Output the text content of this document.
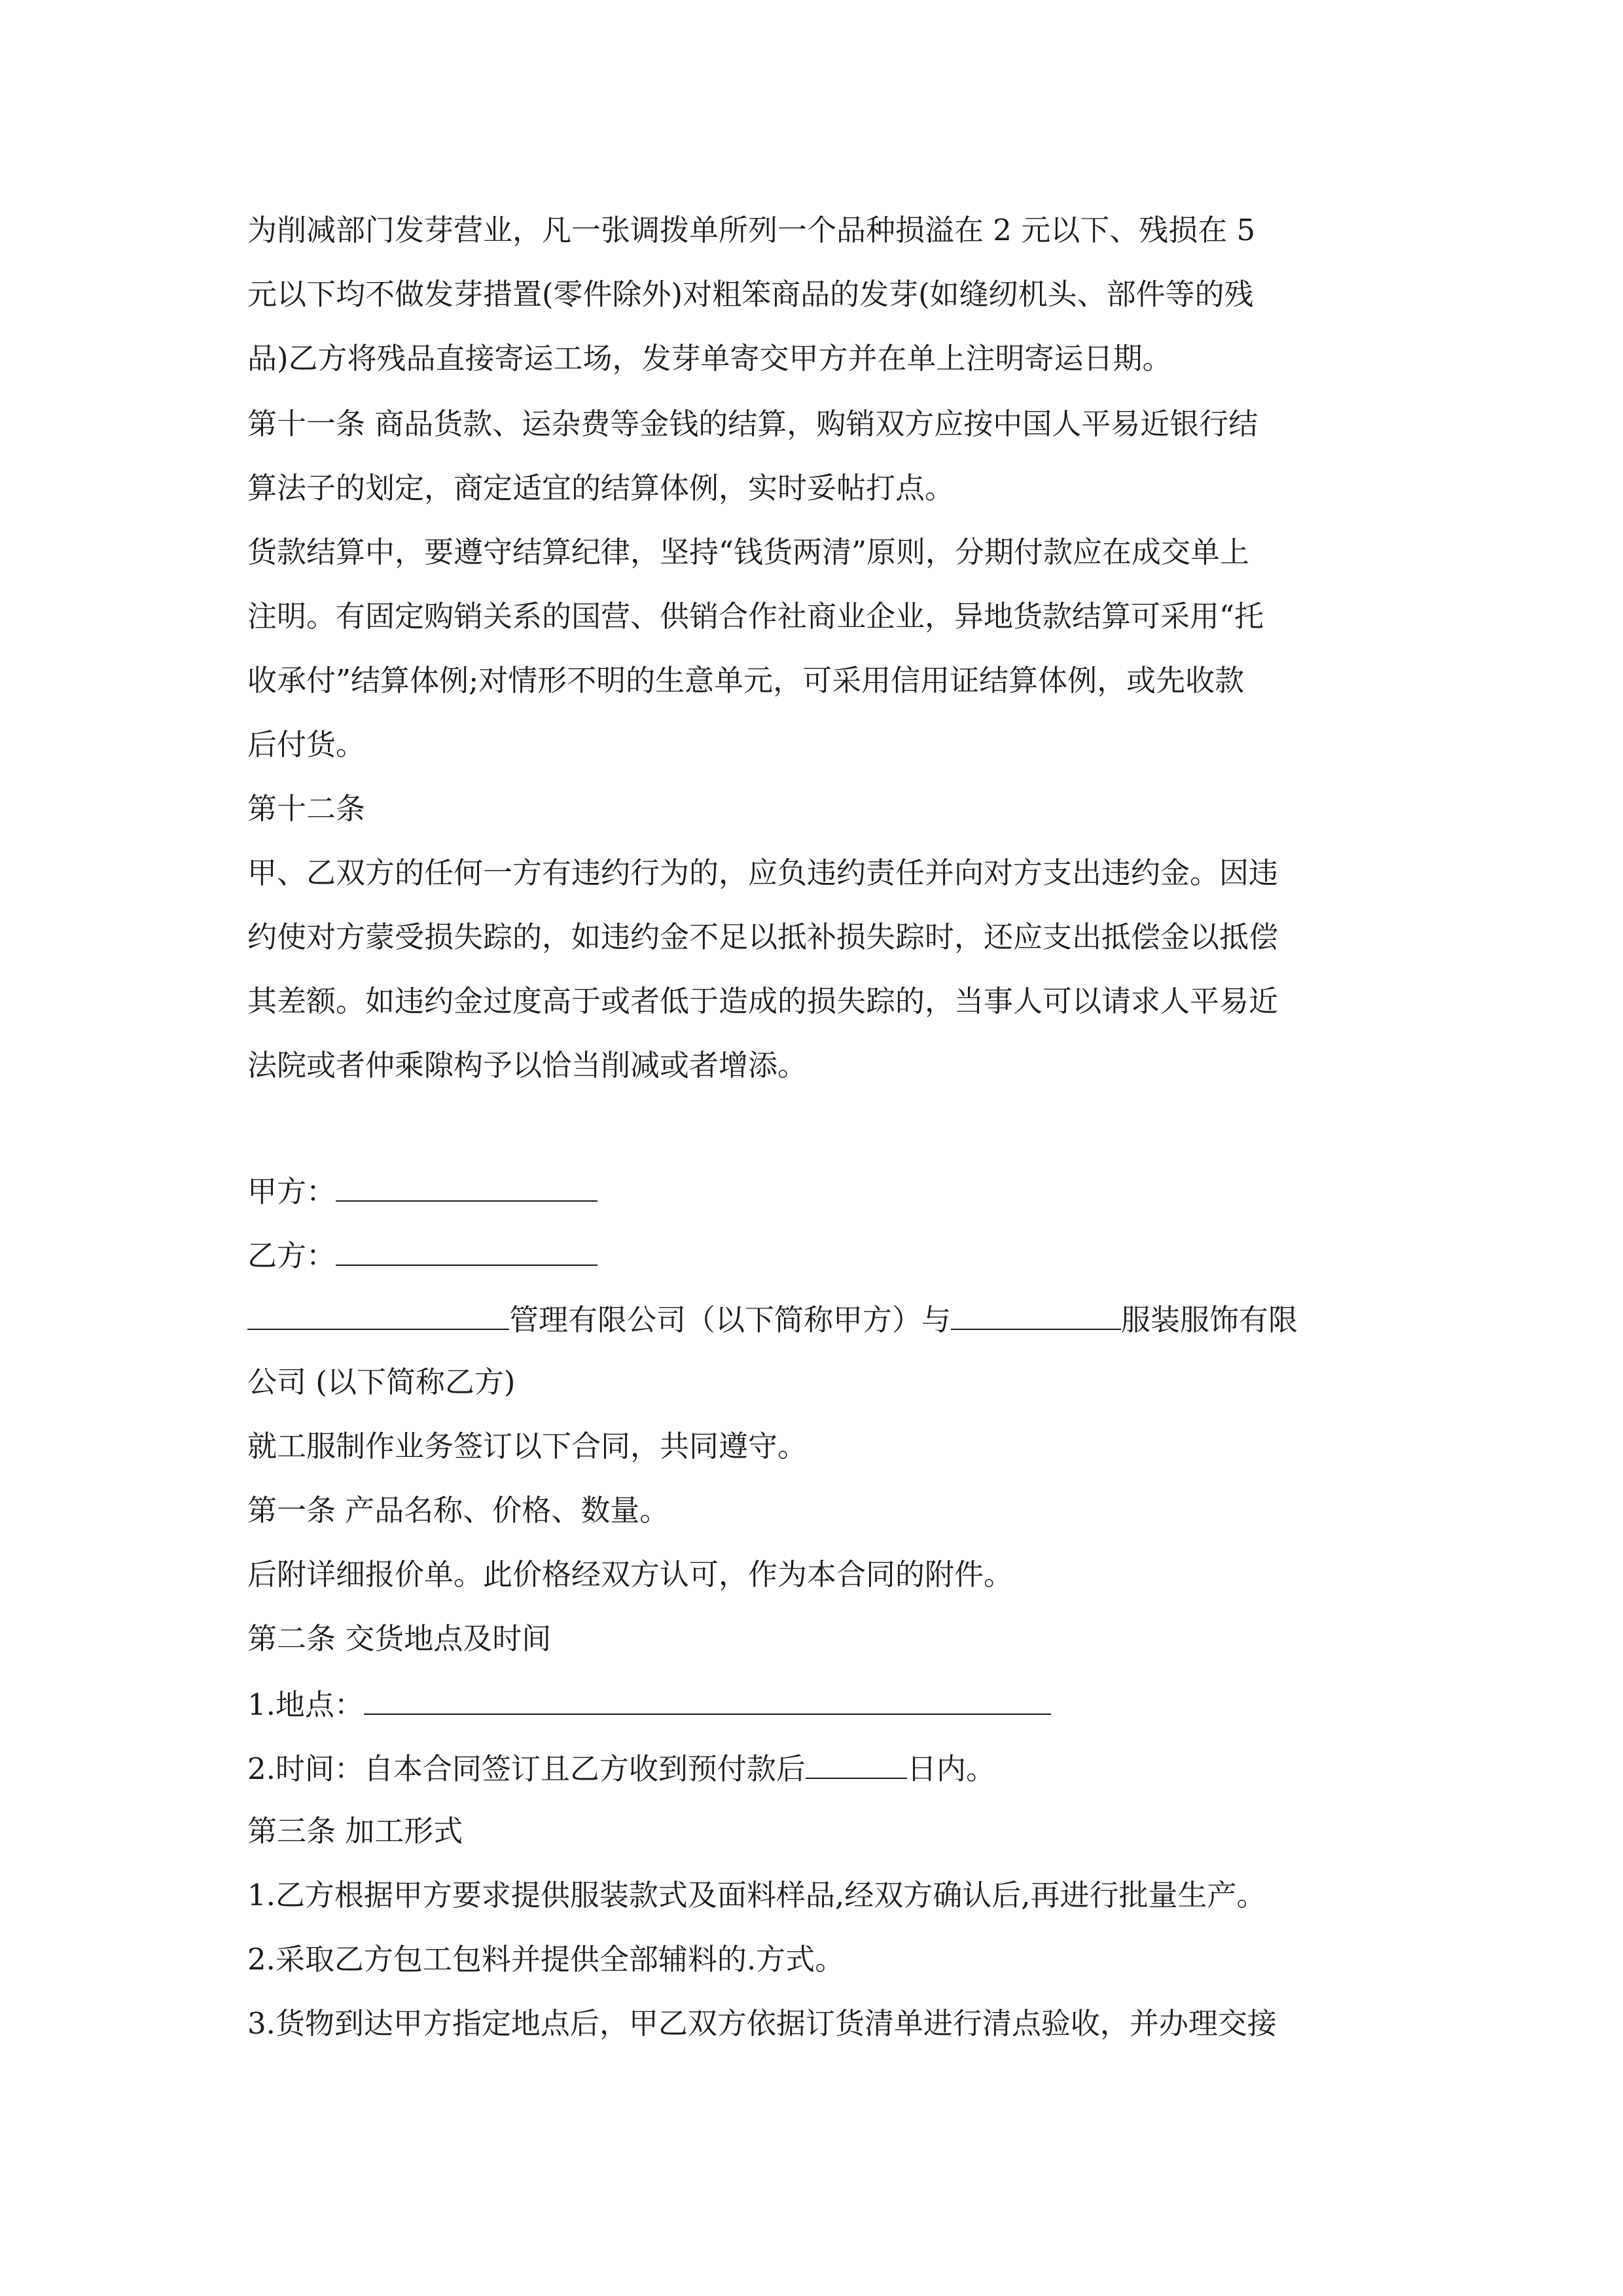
为削减部门发芽营业，凡一张调拨单所列一个品种损溢在 2 元以下、残损在 5
元以下均不做发芽措置(零件除外)对粗笨商品的发芽(如缝纫机头、部件等的残
品)乙方将残品直接寄运工场，发芽单寄交甲方并在单上注明寄运日期。
第十一条 商品货款、运杂费等金钱的结算，购销双方应按中国人平易近银行结
算法子的划定，商定适宜的结算体例，实时妥帖打点。
货款结算中，要遵守结算纪律，坚持“钱货两清”原则，分期付款应在成交单上
注明。有固定购销关系的国营、供销合作社商业企业，异地货款结算可采用“托
收承付”结算体例;对情形不明的生意单元，可采用信用证结算体例，或先收款
后付货。
第十二条
甲、乙双方的任何一方有违约行为的，应负违约责任并向对方支出违约金。因违
约使对方蒙受损失踪的，如违约金不足以抵补损失踪时，还应支出抵偿金以抵偿
其差额。如违约金过度高于或者低于造成的损失踪的，当事人可以请求人平易近
法院或者仲乘隙构予以恰当削减或者增添。
甲方：
乙方：
管理有限公司（以下简称甲方）与	服装服饰有限
公司 (以下简称乙方)
就工服制作业务签订以下合同，共同遵守。
第一条 产品名称、价格、数量。
后附详细报价单。此价格经双方认可，作为本合同的附件。
第二条 交货地点及时间
1.地点：
2.时间：自本合同签订且乙方收到预付款后	日内。
第三条 加工形式
1.乙方根据甲方要求提供服装款式及面料样品,经双方确认后,再进行批量生产。
2.采取乙方包工包料并提供全部辅料的.方式。
3.货物到达甲方指定地点后，甲乙双方依据订货清单进行清点验收，并办理交接
